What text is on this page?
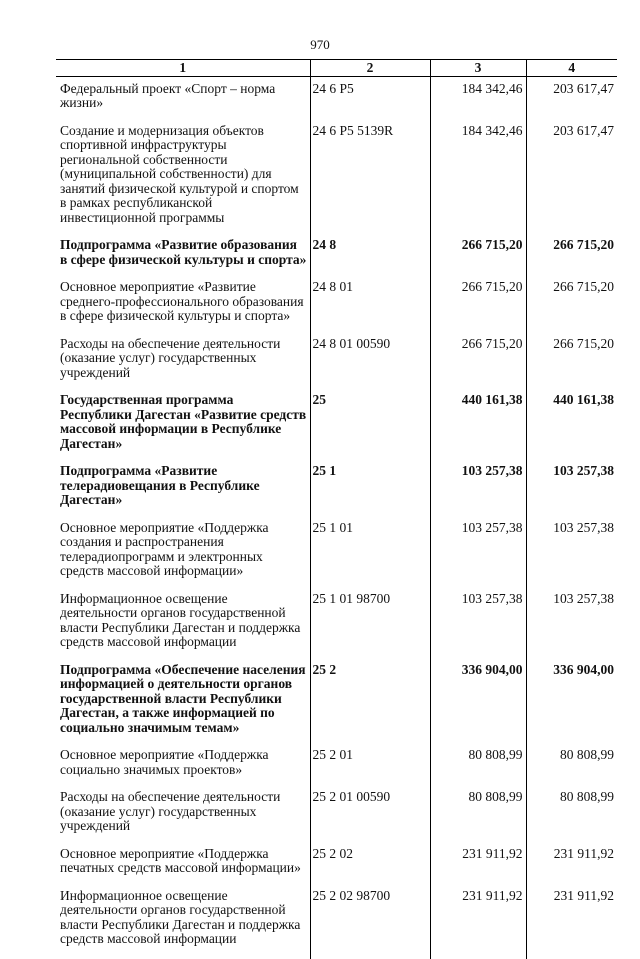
970
1	2	3	4
Федеральный проект «Спорт – норма жизни»	24 6 P5	184 342,46	203 617,47
Создание и модернизация объектов спортивной инфраструктуры региональной собственности (муниципальной собственности) для занятий физической культурой и спортом в рамках республиканской инвестиционной программы	24 6 P5 5139R	184 342,46	203 617,47
Подпрограмма «Развитие образования в сфере физической культуры и спорта»	24 8	266 715,20	266 715,20
Основное мероприятие «Развитие среднего-профессионального образования в сфере физической культуры и спорта»	24 8 01	266 715,20	266 715,20
Расходы на обеспечение деятельности (оказание услуг) государственных учреждений	24 8 01 00590	266 715,20	266 715,20
Государственная программа Республики Дагестан «Развитие средств массовой информации в Республике Дагестан»	25	440 161,38	440 161,38
Подпрограмма «Развитие телерадиовещания в Республике Дагестан»	25 1	103 257,38	103 257,38
Основное мероприятие «Поддержка создания и распространения телерадиопрограмм и электронных средств массовой информации»	25 1 01	103 257,38	103 257,38
Информационное освещение деятельности органов государственной власти Республики Дагестан и поддержка средств массовой информации	25 1 01 98700	103 257,38	103 257,38
Подпрограмма «Обеспечение населения информацией о деятельности органов государственной власти Республики Дагестан, а также информацией по социально значимым темам»	25 2	336 904,00	336 904,00
Основное мероприятие «Поддержка социально значимых проектов»	25 2 01	80 808,99	80 808,99
Расходы на обеспечение деятельности (оказание услуг) государственных учреждений	25 2 01 00590	80 808,99	80 808,99
Основное мероприятие «Поддержка печатных средств массовой информации»	25 2 02	231 911,92	231 911,92
Информационное освещение деятельности органов государственной власти Республики Дагестан и поддержка средств массовой информации	25 2 02 98700	231 911,92	231 911,92
